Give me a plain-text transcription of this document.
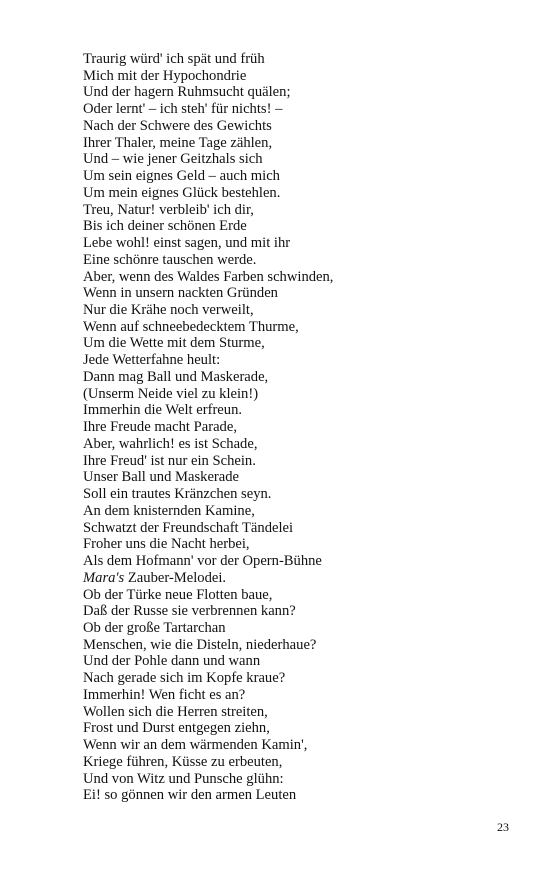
Traurig würd' ich spät und früh
Mich mit der Hypochondrie
Und der hagern Ruhmsucht quälen;
Oder lernt' – ich steh' für nichts! –
Nach der Schwere des Gewichts
Ihrer Thaler, meine Tage zählen,
Und – wie jener Geitzhals sich
Um sein eignes Geld – auch mich
Um mein eignes Glück bestehlen.
Treu, Natur! verbleib' ich dir,
Bis ich deiner schönen Erde
Lebe wohl! einst sagen, und mit ihr
Eine schönre tauschen werde.
Aber, wenn des Waldes Farben schwinden,
Wenn in unsern nackten Gründen
Nur die Krähe noch verweilt,
Wenn auf schneebedecktem Thurme,
Um die Wette mit dem Sturme,
Jede Wetterfahne heult:
Dann mag Ball und Maskerade,
(Unserm Neide viel zu klein!)
Immerhin die Welt erfreun.
Ihre Freude macht Parade,
Aber, wahrlich! es ist Schade,
Ihre Freud' ist nur ein Schein.
Unser Ball und Maskerade
Soll ein trautes Kränzchen seyn.
An dem knisternden Kamine,
Schwatzt der Freundschaft Tändelei
Froher uns die Nacht herbei,
Als dem Hofmann' vor der Opern-Bühne
Mara's Zauber-Melodei.
Ob der Türke neue Flotten baue,
Daß der Russe sie verbrennen kann?
Ob der große Tartarchan
Menschen, wie die Disteln, niederhaue?
Und der Pohle dann und wann
Nach gerade sich im Kopfe kraue?
Immerhin! Wen ficht es an?
Wollen sich die Herren streiten,
Frost und Durst entgegen ziehn,
Wenn wir an dem wärmenden Kamin',
Kriege führen, Küsse zu erbeuten,
Und von Witz und Punsche glühn:
Ei! so gönnen wir den armen Leuten
23
